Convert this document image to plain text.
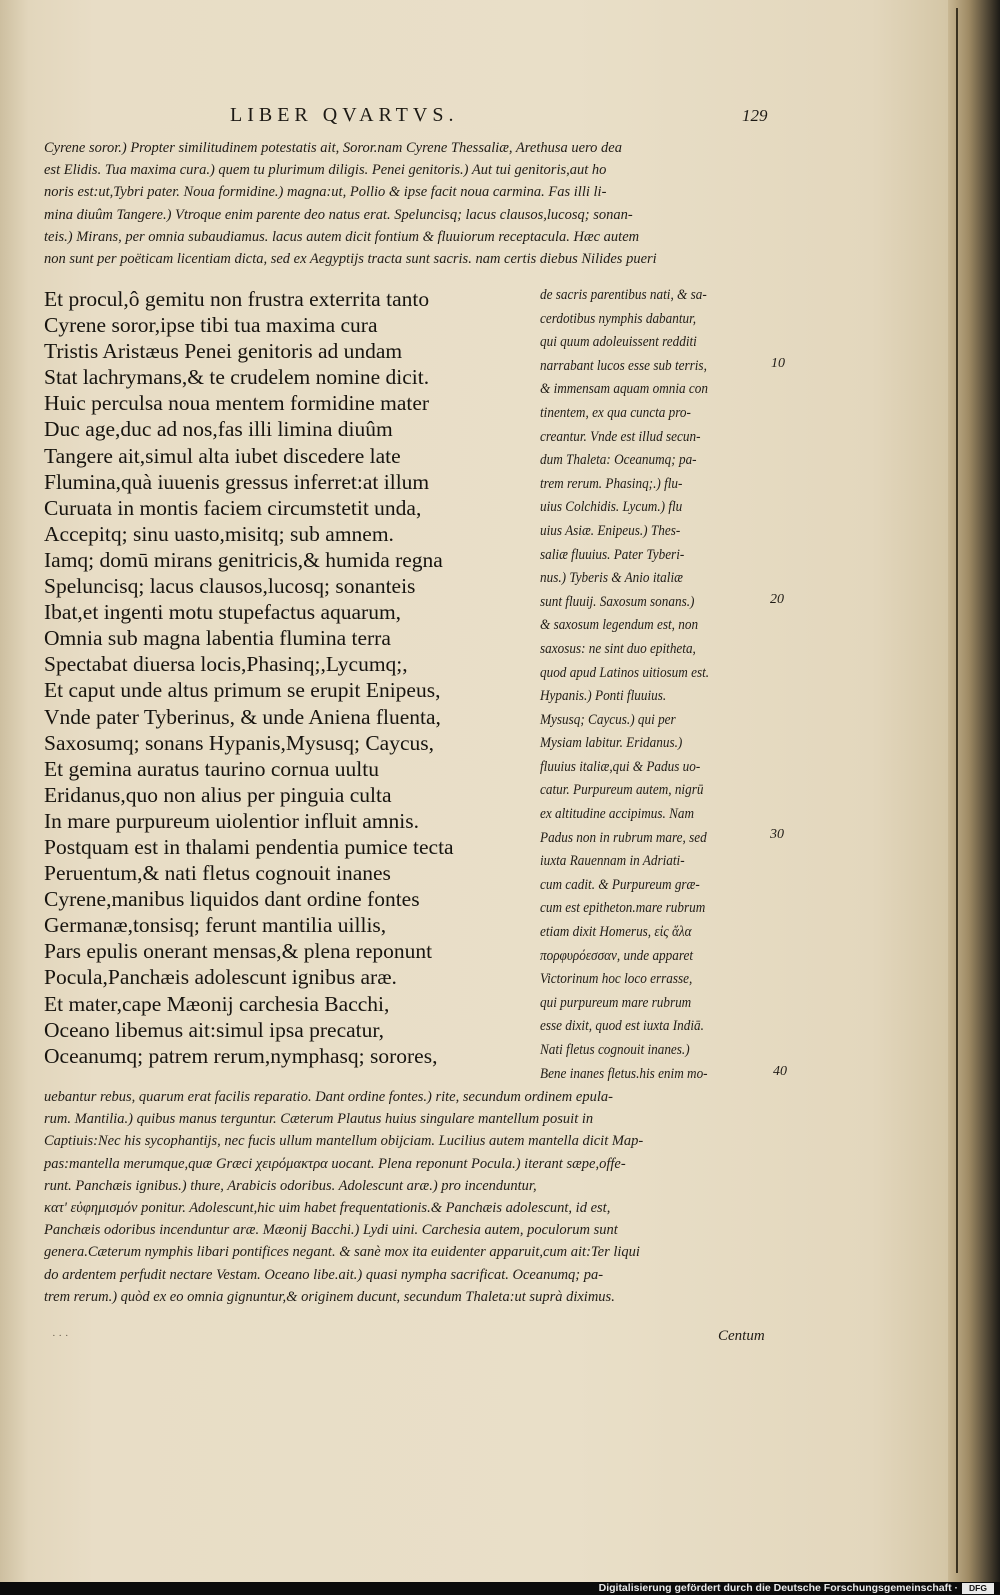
LIBER QVARTVS.	129

Cyrene soror.) Propter similitudinem potestatis ait, Soror.nam Cyrene Thessaliæ, Arethusa uero dea

est Elidis. Tua maxima cura.) quem tu plurimum diligis. Penei genitoris.) Aut tui genitoris,aut ho

noris est:ut,Tybri pater. Noua formidine.) magna:ut, Pollio & ipse facit noua carmina. Fas illi li-

mina diuûm Tangere.) Vtroque enim parente deo natus erat. Speluncisq; lacus clausos,lucosq; sonan-

teis.) Mirans, per omnia subaudiamus. lacus autem dicit fontium & fluuiorum receptacula. Hæc autem

non sunt per poëticam licentiam dicta, sed ex Aegyptijs tracta sunt sacris. nam certis diebus Nilides pueri

Et procul,ô gemitu non frustra exterrita tanto
Cyrene soror,ipse tibi tua maxima cura
Tristis Aristæus Penei genitoris ad undam
Stat lachrymans,& te crudelem nomine dicit.
Huic perculsa noua mentem formidine mater
Duc age,duc ad nos,fas illi limina diuûm
Tangere ait,simul alta iubet discedere late
Flumina,quà iuuenis gressus inferret:at illum
Curuata in montis faciem circumstetit unda,
Accepitq; sinu uasto,misitq; sub amnem.
Iamq; domū mirans genitricis,& humida regna
Speluncisq; lacus clausos,lucosq; sonanteis
Ibat,et ingenti motu stupefactus aquarum,
Omnia sub magna labentia flumina terra
Spectabat diuersa locis,Phasinq;,Lycumq;,
Et caput unde altus primum se erupit Enipeus,
Vnde pater Tyberinus, & unde Aniena fluenta,
Saxosumq; sonans Hypanis,Mysusq; Caycus,
Et gemina auratus taurino cornua uultu
Eridanus,quo non alius per pinguia culta
In mare purpureum uiolentior influit amnis.
Postquam est in thalami pendentia pumice tecta
Peruentum,& nati fletus cognouit inanes
Cyrene,manibus liquidos dant ordine fontes
Germanæ,tonsisq; ferunt mantilia uillis,
Pars epulis onerant mensas,& plena reponunt
Pocula,Panchæis adolescunt ignibus aræ.
Et mater,cape Mæonij carchesia Bacchi,
Oceano libemus ait:simul ipsa precatur,
Oceanumq; patrem rerum,nymphasq; sorores,
de sacris parentibus nati, & sa-
cerdotibus nymphis dabantur,
qui quum adoleuissent redditi
narrabant lucos esse sub terris,
& immensam aquam omnia con
tinentem, ex qua cuncta pro-
creantur. Vnde est illud secun-
dum Thaleta: Oceanumq; pa-
trem rerum. Phasinq;.) flu-
uius Colchidis. Lycum.) flu
uius Asiæ. Enipeus.) Thes-
saliæ fluuius. Pater Tyberi-
nus.) Tyberis & Anio italiæ
sunt fluuij. Saxosum sonans.)
& saxosum legendum est, non
saxosus: ne sint duo epitheta,
quod apud Latinos uitiosum est.
Hypanis.) Ponti fluuius.
Mysusq; Caycus.) qui per
Mysiam labitur. Eridanus.)
fluuius italiæ,qui & Padus uo-
catur. Purpureum autem, nigrū
ex altitudine accipimus. Nam
Padus non in rubrum mare, sed
iuxta Rauennam in Adriati-
cum cadit. & Purpureum græ-
cum est epitheton.mare rubrum
etiam dixit Homerus, εἰς ἅλα
πορφυρόεσσαν, unde apparet
Victorinum hoc loco errasse,
qui purpureum mare rubrum
esse dixit, quod est iuxta Indiā.
Nati fletus cognouit inanes.)
Bene inanes fletus.his enim mo-
10
20
30
40

uebantur rebus, quarum erat facilis reparatio. Dant ordine fontes.) rite, secundum ordinem epula-

rum. Mantilia.) quibus manus terguntur. Cæterum Plautus huius singulare mantellum posuit in

Captiuis:Nec his sycophantijs, nec fucis ullum mantellum obijciam. Lucilius autem mantella dicit Map-

pas:mantella merumque,quæ Græci χειρόμακτρα uocant. Plena reponunt Pocula.) iterant sæpe,offe-

runt. Panchæis ignibus.) thure, Arabicis odoribus. Adolescunt aræ.) pro incenduntur,

κατ' εὐφημισμόν ponitur. Adolescunt,hic uim habet frequentationis.& Panchæis adolescunt, id est,

Panchæis odoribus incenduntur aræ. Mæonij Bacchi.) Lydi uini. Carchesia autem, poculorum sunt

genera.Cæterum nymphis libari pontifices negant. & sanè mox ita euidenter apparuit,cum ait:Ter liqui

do ardentem perfudit nectare Vestam. Oceano libe.ait.) quasi nympha sacrificat. Oceanumq; pa-

trem rerum.) quòd ex eo omnia gignuntur,& originem ducunt, secundum Thaleta:ut suprà diximus.

· · ·	Centum
Digitalisierung gefördert durch die Deutsche Forschungsgemeinschaft ·	DFG
